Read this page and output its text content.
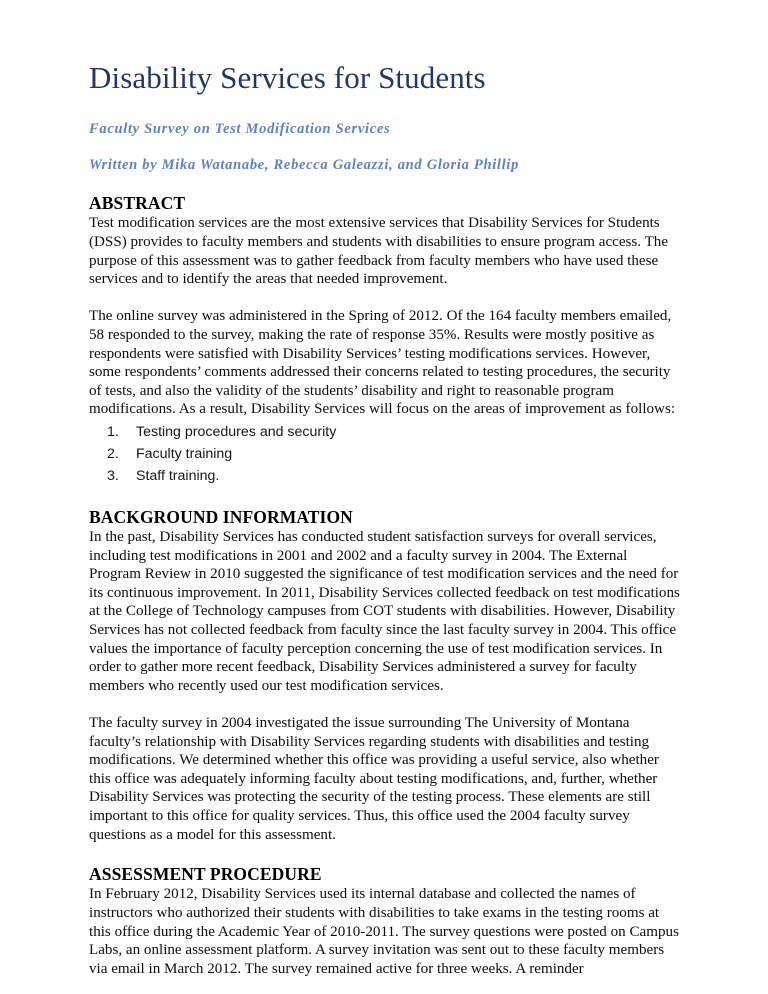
Disability Services for Students

Faculty Survey on Test Modification Services

Written by Mika Watanabe, Rebecca Galeazzi, and Gloria Phillip

ABSTRACT

Test modification services are the most extensive services that Disability Services for Students (DSS) provides to faculty members and students with disabilities to ensure program access. The purpose of this assessment was to gather feedback from faculty members who have used these services and to identify the areas that needed improvement.

The online survey was administered in the Spring of 2012. Of the 164 faculty members emailed, 58 responded to the survey, making the rate of response 35%. Results were mostly positive as respondents were satisfied with Disability Services’ testing modifications services. However, some respondents’ comments addressed their concerns related to testing procedures, the security of tests, and also the validity of the students’ disability and right to reasonable program modifications. As a result, Disability Services will focus on the areas of improvement as follows:

1. Testing procedures and security
2. Faculty training
3. Staff training.
BACKGROUND INFORMATION

In the past, Disability Services has conducted student satisfaction surveys for overall services, including test modifications in 2001 and 2002 and a faculty survey in 2004. The External Program Review in 2010 suggested the significance of test modification services and the need for its continuous improvement. In 2011, Disability Services collected feedback on test modifications at the College of Technology campuses from COT students with disabilities. However, Disability Services has not collected feedback from faculty since the last faculty survey in 2004. This office values the importance of faculty perception concerning the use of test modification services. In order to gather more recent feedback, Disability Services administered a survey for faculty members who recently used our test modification services.

The faculty survey in 2004 investigated the issue surrounding The University of Montana faculty’s relationship with Disability Services regarding students with disabilities and testing modifications. We determined whether this office was providing a useful service, also whether this office was adequately informing faculty about testing modifications, and, further, whether Disability Services was protecting the security of the testing process. These elements are still important to this office for quality services. Thus, this office used the 2004 faculty survey questions as a model for this assessment.

ASSESSMENT PROCEDURE

In February 2012, Disability Services used its internal database and collected the names of instructors who authorized their students with disabilities to take exams in the testing rooms at this office during the Academic Year of 2010-2011. The survey questions were posted on Campus Labs, an online assessment platform. A survey invitation was sent out to these faculty members via email in March 2012. The survey remained active for three weeks. A reminder
